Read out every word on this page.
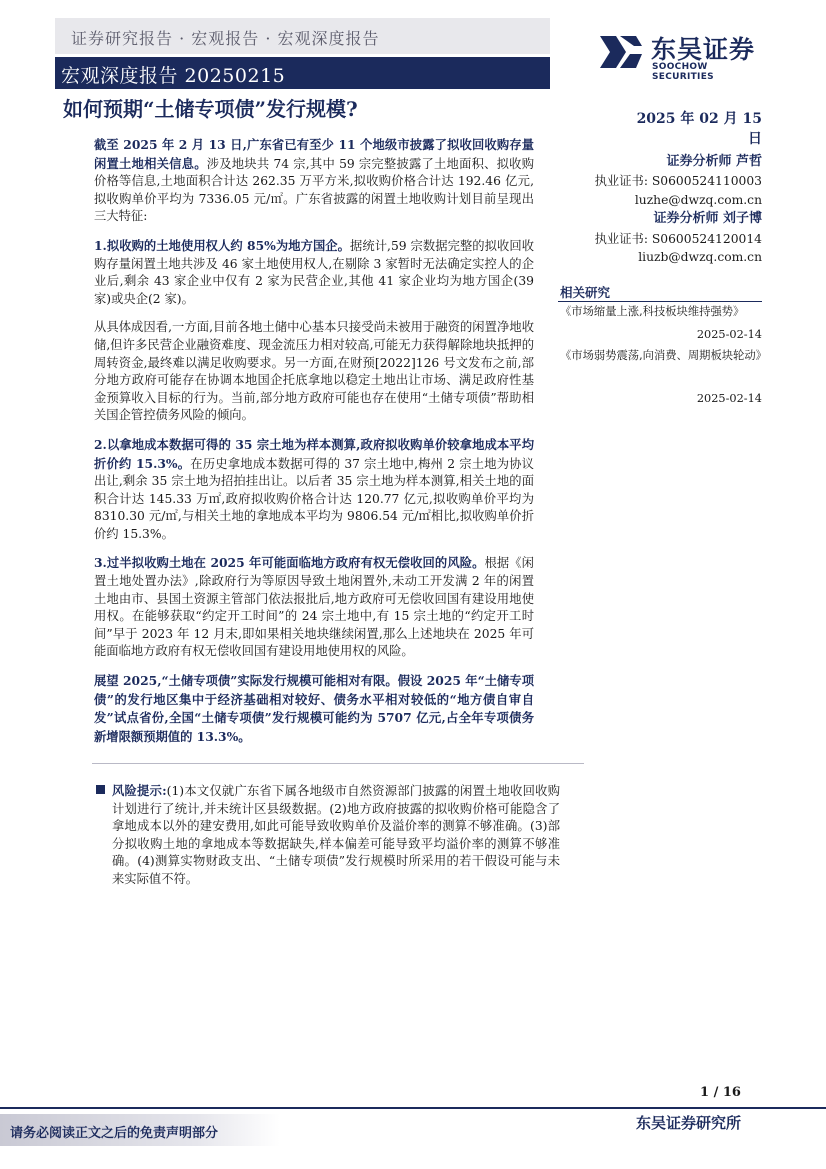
证券研究报告 · 宏观报告 · 宏观深度报告
宏观深度报告 20250215
东吴证券
SOOCHOW SECURITIES
如何预期“土储专项债”发行规模?	2025 年 02 月 15 日

截至 2025 年 2 月 13 日,广东省已有至少 11 个地级市披露了拟收回收购存量闲置土地相关信息。涉及地块共 74 宗,其中 59 宗完整披露了土地面积、拟收购价格等信息,土地面积合计达 262.35 万平方米,拟收购价格合计达 192.46 亿元,拟收购单价平均为 7336.05 元/㎡。广东省披露的闲置土地收购计划目前呈现出三大特征:

1.拟收购的土地使用权人约 85%为地方国企。据统计,59 宗数据完整的拟收回收购存量闲置土地共涉及 46 家土地使用权人,在剔除 3 家暂时无法确定实控人的企业后,剩余 43 家企业中仅有 2 家为民营企业,其他 41 家企业均为地方国企(39 家)或央企(2 家)。

从具体成因看,一方面,目前各地土储中心基本只接受尚未被用于融资的闲置净地收储,但许多民营企业融资难度、现金流压力相对较高,可能无力获得解除地块抵押的周转资金,最终难以满足收购要求。另一方面,在财预[2022]126 号文发布之前,部分地方政府可能存在协调本地国企托底拿地以稳定土地出让市场、满足政府性基金预算收入目标的行为。当前,部分地方政府可能也存在使用“土储专项债”帮助相关国企管控债务风险的倾向。

2.以拿地成本数据可得的 35 宗土地为样本测算,政府拟收购单价较拿地成本平均折价约 15.3%。在历史拿地成本数据可得的 37 宗土地中,梅州 2 宗土地为协议出让,剩余 35 宗土地为招拍挂出让。以后者 35 宗土地为样本测算,相关土地的面积合计达 145.33 万㎡,政府拟收购价格合计达 120.77 亿元,拟收购单价平均为 8310.30 元/㎡,与相关土地的拿地成本平均为 9806.54 元/㎡相比,拟收购单价折价约 15.3%。

3.过半拟收购土地在 2025 年可能面临地方政府有权无偿收回的风险。根据《闲置土地处置办法》,除政府行为等原因导致土地闲置外,未动工开发满 2 年的闲置土地由市、县国土资源主管部门依法报批后,地方政府可无偿收回国有建设用地使用权。在能够获取“约定开工时间”的 24 宗土地中,有 15 宗土地的“约定开工时间”早于 2023 年 12 月末,即如果相关地块继续闲置,那么上述地块在 2025 年可能面临地方政府有权无偿收回国有建设用地使用权的风险。

展望 2025,“土储专项债”实际发行规模可能相对有限。假设 2025 年“土储专项债”的发行地区集中于经济基础相对较好、债务水平相对较低的“地方债自审自发”试点省份,全国“土储专项债”发行规模可能约为 5707 亿元,占全年专项债务新增限额预期值的 13.3%。

证券分析师 芦哲
执业证书: S0600524110003
luzhe@dwzq.com.cn
证券分析师 刘子博
执业证书: S0600524120014
liuzb@dwzq.com.cn
相关研究
《市场缩量上涨,科技板块维持强势》
2025-02-14
《市场弱势震荡,向消费、周期板块轮动》
2025-02-14
风险提示:(1)本文仅就广东省下属各地级市自然资源部门披露的闲置土地收回收购计划进行了统计,并未统计区县级数据。(2)地方政府披露的拟收购价格可能隐含了拿地成本以外的建安费用,如此可能导致收购单价及溢价率的测算不够准确。(3)部分拟收购土地的拿地成本等数据缺失,样本偏差可能导致平均溢价率的测算不够准确。(4)测算实物财政支出、“土储专项债”发行规模时所采用的若干假设可能与未来实际值不符。
1 / 16
请务必阅读正文之后的免责声明部分
东吴证券研究所
